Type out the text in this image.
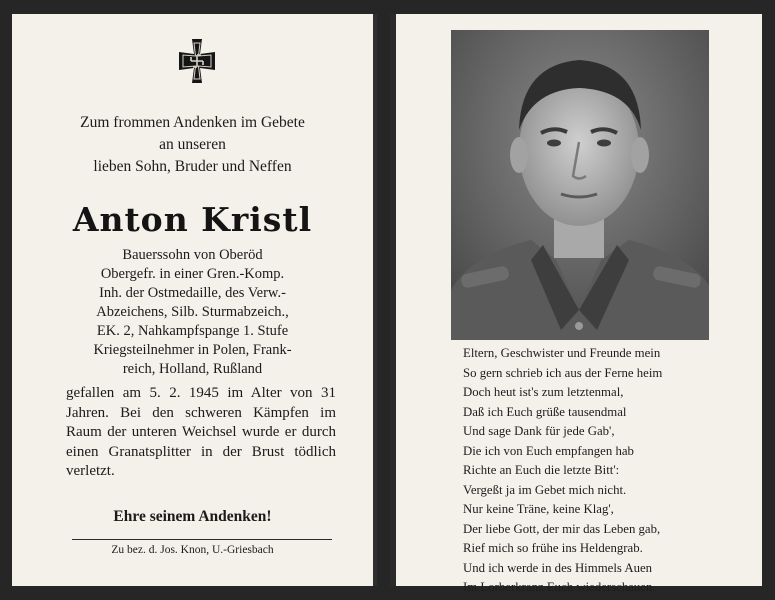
Zum frommen Andenken im Gebete
an unseren
lieben Sohn, Bruder und Neffen
Anton Kristl
Bauerssohn von Oberöd
Obergefr. in einer Gren.-Komp.
Inh. der Ostmedaille, des Verw.-
Abzeichens, Silb. Sturmabzeich.,
EK. 2, Nahkampfspange 1. Stufe
Kriegsteilnehmer in Polen, Frank-
reich, Holland, Rußland
gefallen am 5. 2. 1945 im Alter von 31 Jahren. Bei den schweren Kämpfen im Raum der unteren Weichsel wurde er durch einen Granatsplitter in der Brust tödlich verletzt.
Ehre seinem Andenken!
Zu bez. d. Jos. Knon, U.-Griesbach
Eltern, Geschwister und Freunde mein
So gern schrieb ich aus der Ferne heim
Doch heut ist's zum letztenmal,
Daß ich Euch grüße tausendmal
Und sage Dank für jede Gab',
Die ich von Euch empfangen hab
Richte an Euch die letzte Bitt':
Vergeßt ja im Gebet mich nicht.
Nur keine Träne, keine Klag',
Der liebe Gott, der mir das Leben gab,
Rief mich so frühe ins Heldengrab.
Und ich werde in des Himmels Auen
Im Lorberkranz Euch wiederschauen.
